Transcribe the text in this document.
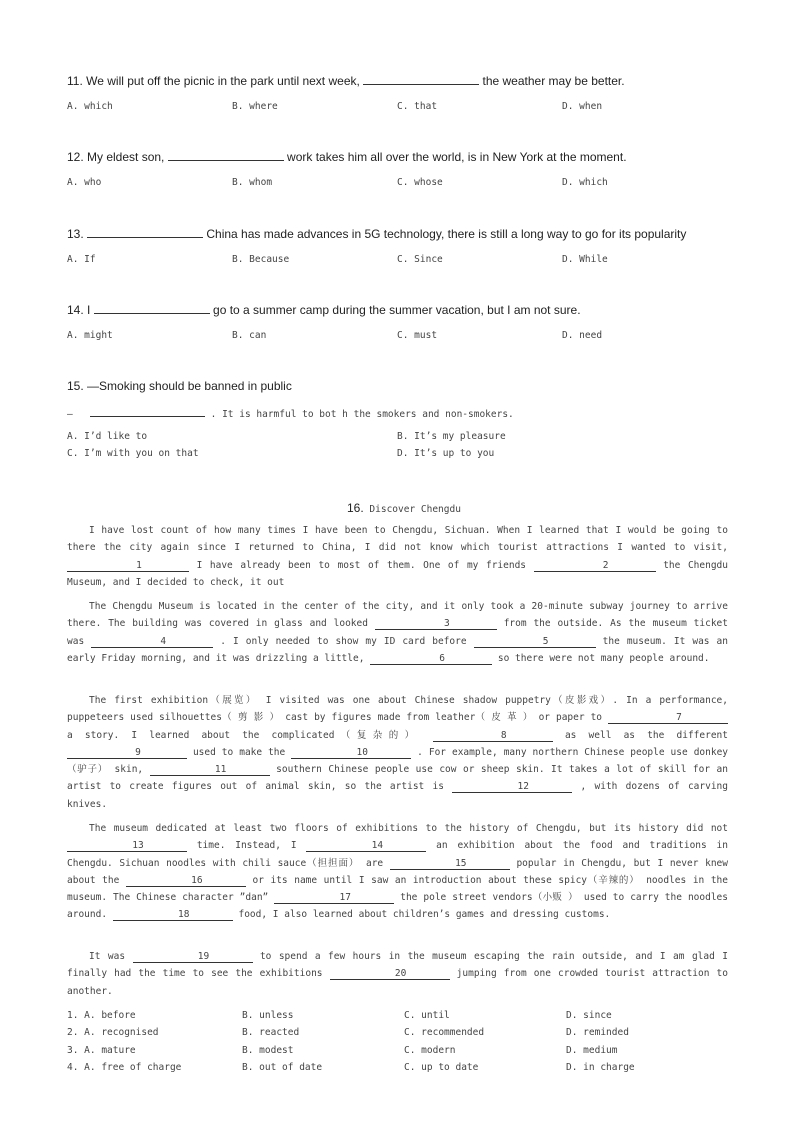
11. We will put off the picnic in the park until next week,	the weather may be better.
A. which	B. where	C. that	D. when
12. My eldest son,	work takes him all over the world, is in New York at the moment.
A. who	B. whom	C. whose	D. which
13.	China has made advances in 5G technology, there is still a long way to go for its popularity
A. If	B. Because	C. Since	D. While
14. I	go to a summer camp during the summer vacation, but I am not sure.
A. might	B. can	C. must	D. need
15. —Smoking should be banned in public
—	. It is harmful to bot h the smokers and non-smokers.
A. I’d like to	B. It’s my pleasure
C. I’m with you on that	D. It’s up to you
16. Discover Chengdu

I have lost count of how many times I have been to Chengdu, Sichuan. When I learned that I would be going to there the city again since I returned to China, I did not know which tourist attractions I wanted to visit, 1	I have already been to most of them. One of my friends	2	the Chengdu Museum, and I decided to check, it out

The Chengdu Museum is located in the center of the city, and it only took a 20-minute subway journey to arrive there. The building was covered in glass and looked	3	from the outside. As the museum ticket was	4	. I only needed to show my ID card before	5	the museum. It was an early Friday morning, and it was drizzling a little,	6	so there were not many people around.

The first exhibition（展览） I visited was one about Chinese shadow puppetry（皮影戏）. In a performance, puppeteers used silhouettes（ 剪 影 ） cast by figures made from leather（ 皮 革 ） or paper to	7 a story. I learned about the complicated（复杂的）	8	as well as the different 9	used to make the	10	. For example, many northern Chinese people use donkey（驴子） skin,	11	southern Chinese people use cow or sheep skin. It takes a lot of skill for an artist to create figures out of animal skin, so the artist is	12	, with dozens of carving knives.

The museum dedicated at least two floors of exhibitions to the history of Chengdu, but its history did not 13	time. Instead, I	14	an exhibition about the food and traditions in Chengdu. Sichuan noodles with chili sauce（担担面） are	15	popular in Chengdu, but I never knew about the	16	or its name until I saw an introduction about these spicy（辛辣的） noodles in the museum. The Chinese character ”dan”	17	the pole street vendors（小贩 ） used to carry the noodles around.	18	food, I also learned about children’s games and dressing customs.

It was	19	to spend a few hours in the museum escaping the rain outside, and I am glad I finally had the time to see the exhibitions	20	jumping from one crowded tourist attraction to another.

1. A. before	B. unless	C. until	D. since
2. A. recognised	B. reacted	C. recommended	D. reminded
3. A. mature	B. modest	C. modern	D. medium
4. A. free of charge	B. out of date	C. up to date	D. in charge
